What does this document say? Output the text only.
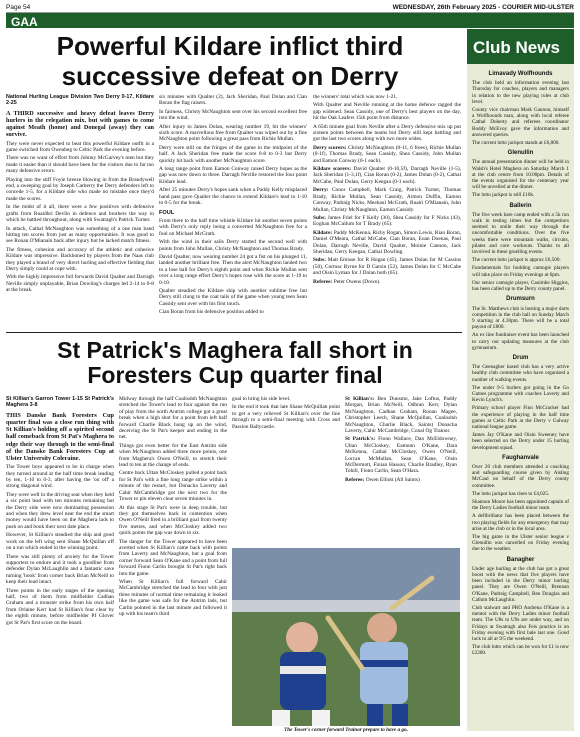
Page 54	WEDNESDAY, 26th February 2025 - COURIER MID-ULSTER
GAA
Powerful Kildare inflict third successive defeat on Derry

National Hurling League Division Two Derry 0-17, Kildare 2-25

A THIRD successive and heavy defeat leaves Derry hurlers in the relegation mix, but with games to come against Meath (home) and Donegal (away) they can survive.

They were never expected to beat this powerful Kildare outfit in a game switched from Owenbeg to Celtic Park the evening before.

There was no want of effort from Johnny McGarvey's men but they made it easier than it should have been for the visitors due to far too many defensive errors.

Playing into the stiff Foyle breeze blowing in from the Brandywell end, a sweeping goal by Joseph Carberry the Derry defenders left to concede 1-5, for a Kildare side who made no mistake once they'd made the scores.

In the midst of it all, there were a few positives with defensive grafts from Ruaidhri Devlin in defence and brothers the way in which he battled throughout, along with Swatragh's Patrick Turner.

In attack, Cathal McNaughton was something of a one man band hitting ten scores from just as many opportunities. It was good to see Ronan O'Mianain back after injury but he lacked match fitness.

The fitness, cohesion and accuracy of the athletic and cohesive Kildare was impressive. Backboned by players from the Naas club they played a brand of very direct hurling and effective fielding that Derry simply could at cope with.

With the highly impressive full forwards David Qualter and Darragh Neville simply unplayable, Brian Dowling's charges led 2-14 to 0-8 at the break.

six minutes with Qualter (2), Jack Sheridan, Paul Dolan and Cian Boran the flag raisers.

In fairness, Christy McNaughton sent over his second excellent free into the wind.

After injury to James Dolan, wearing number 19, hit the winners' sixth score. A marvellous free from Qualter was wiped out by a fine McNaughton point following a great pass from Richie Mullan.

Derry were still on the fringes of the game in the midpoint of the half. A Jack Sheridan free made the score 0-8 to 0-3 but Derry quickly hit back with another McNaughton score.

A long range point from Eamon Conway raised Derry hopes as the gap was now down to three. Darragh Neville restored the four point Kildare lead.

After 25 minutes Derry's hopes sank when a Paddy Kelly misplaced hand pass gave Qualter the chance to extend Kildare's lead to 1-10 to 0-5 for the break.

FOUL

From there to the half time whistle Kildare hit another seven points with Derry's only reply being a converted McNaughton free for a foul on Michael McGrath.

With the wind in their sails Derry started the second well with points from John Mullan, Christy McNaughton and Thomas Brady.

David Qualter, now wearing number 24 got a fist on his plunged 11, landed another brilliant free. Then the alert McNaughton landed two to a lose ball for Derry's eighth point and when Richie Mullan sent over a long range effort Derry's hopes rose with the score at 1-19 to 0-10.

Qualter steadied the Kildare ship with another sublime free but Derry still clung to the coat tails of the game when young teen Sean Cassidy sent over with his first touch.

Cian Boran from his defensive position added to

the winners' total which was now 1-21.

With Qualter and Neville running at the home defence ragged the gap widened. Sean Cassidy, one of Derry's best players on the day, hit the Oak Leafers 15th point from distance.

A 65th minute goal from Neville after a Derry defensive mix up put sixteen points between the teams but Derry still kept battling and got the last two scores along with two more wides.

Derry scorers: Christy McNaughton (0-11, 6 frees), Richie Mullan (0-1f), Thomas Brady, Sean Cassidy, Shea Cassidy, John Mullan and Eamon Conway (0-1 each).

Kildare scorers: David Qualter (0-10,5f), Darragh Neville (1-5), Jack Sheridan (1-3,1f), Cian Boran (0-2), James Dolan (0-2), Cathal McCabe, Paul Dolan, Gerry Keegan (0-1 each).

Derry: Conor Campbell, Mark Craig, Patrick Turner, Thomas Brady, Richie Mullan, Sean Cassidy, Aimon Duffin, Eamon Conway, Padraig Nicks, Meehaul McGrath, Ruairi O'Mianain, John Mullan, Christy McNaughton, Eamon Cassidy.

Subs: James Friel for F Kelly (30), Shea Cassidy for F Nicks (43), Eoghan McCullum for T Brady (65).

Kildare: Paddy McKenna, Richy Rogan, Simon Lewis, Rian Boran, Daniel O'Meara, Cathal McCabe, Cian Boran, Eoan Doenas, Paul Dolan, Darragh Neville, David Qualter, Moinie Cannon, Jack Sheridan, Gerry Keegan, Cathal Dowling.

Subs: Matt Emisse for R Hogan (45), James Dolan for M Cassius (50), Cormac Byrne for D Garsin (52), James Dolan for C McCabe and Oisin Lyman for J Dolan both (65).

Referee: Peter Owens (Down).

St Patrick's Maghera fall short in Foresters Cup quarter final

St Killian's Garron Tower 1-15 St Patrick's Maghera 3-8

THIS Danske Bank Foresters Cup quarter final was a close run thing with St Killian's holding off a spirited second half comeback from St Pat's Maghera to edge their way through to the semi-final of the Danske Bank Foresters Cup at Ulster University Coleraine.

The Tower boys appeared to be in charge when they turned around at the half time break leading by ten, 1-10 to 0-3, after having the 'on off' a strong diagonal wind.

They were well in the driving seat when they held a six point lead with ten minutes remaining but the Derry side were now dominating possession and when they drew level near the end the smart money would have been on the Maghera lads to push on and book their next date place.

However, St Killian's steadied the ship and good work on the left wing sent Shane McQuillan off on a run which ended in the winning point.

There was still plenty of anxiety for the Tower supporters to endure and it took a goodline from defender Dylan McLaughlin and a fantastic save turning 'hook' from corner back Brian McNeill to keep their lead intact.

Three points in the early stages of the opening half, two of them from midfielder Cadhan Graham and a monster strike from his own half from Orlaine Kerr had St Killian's four clear by the eighth minute, before midfielder PJ Glover got St Pat's first score on the board.

Midway through the half Coalisdoh McNaughton stretched the Tower's lead to four against the run of play from the north Antrim college got a great break when a high shot for a point from left half forward Charlie Black hung up on the wind, deceiving the St Pat's keeper and ending in the net.

Things got even better for the East Antrim side when McNaughton added three more points, one from Maghera's Owen O'Neill, to stretch their lead to ten at the change of ends.

Centre back Ultan McCloskey pulled a point back for St Pat's with a fine long range strike within a minute of the restart, but Donacha Laverty and Cahir McCambridge got the next two for the Tower to pin eleven clear seven minutes in.

At this stage St Pat's were in deep trouble, but they got themselves back in contention when Owen O'Neill fired in a brilliant goal from twenty five metres, and when McCloskey added two quick points the gap was down to six.

The danger for the Tower appeared to have been averted when St Killian's came back with points from Laverty and McNaughton, but a goal from corner forward Sean O'Kane and a point from full forward Fionn Carlin brought St Pat's right back into the game.

When St Killian's full forward Cahir McCambridge stretched the lead to four with just three minutes of normal time remaining it looked like the game was safe for the Antrim lads, but Carlin pointed in the last minute and followed it up with his team's third

goal to bring his side level.

In the end it took that late Shane McQuillan point to get a very relieved St Killian's over the line through to a semi-final meeting with Cross and Passion Ballycastle.

St Killian's: Ben Dunsmo, Jake Loftus, Paddy Morgan, Brian McNeill, Odhran Kerr, Dylan McNaughton, Cadhan Graham, Ronan Magee, Christopher Leech, Shane McQuillan, Coalisdoh McNaughton, Charlie Black, Saints) Donacha Laverty, Cahir McCambridge, Conal Og Trainor.

St Patrick's: Fionn Wallace, Dan McEldowney, Ultan McCloskey, Eamonn O'Kane, Dara McKenna, Cathal McCloskey, Owen O'Neill, Lorcan McMullan, Sean O'Kane, Oisin McDermott, Finian Hasson, Charlie Bradley, Ryan Tohill, Fionn Carlin, Sean O'Hara.

Referee: Owen Elliott (All Saints)

The Tower's corner forward Trainor prepare to have a go.

Club News

Limavady Wolfhounds

The club held an information evening last Thursday for coaches, players and managers in relation to the new playing rules at club level.

County vice chairman Mark Gannon, himself a Wolfhounds man, along with local referee Cathal Doherty and referees coordinator Roddy McEvoy gave the information and answered queries.

The current lotto jackpot stands at £6,800.

Glenullin

The annual presentation dinner will be held in Walsh's Hotel Maghera on Saturday March 1 at the club centre from 10.00pm. Details of the events organised for the centenary year will be unveiled at the dinner.

The lotto jackpot is still £10k.

Ballerin

The five week bare camp ended with a 5k run walk in testing times but the competitors seemed to smile their way through the uncomfortable conditions. Over the five weeks there were mountain walks, circuits, pilates and core workouts. Thanks to all involved in these gruelling events.

The current lotto jackpot is approx £6,500.

Fundamentals for budding camogie players will take place on Friday evenings at 6pm.

Our senior camogie player, Caoimhe Higgins, has been called up to the Derry county panel.

Drumsurn

The St. Matthews club is hosting a major darts competition in the club hall on Sunday March 9 starting at 4.30pm. There will be a total payout of £800.

An ex line fundraiser event has been launched to carry out updating measures at the club gymnasium.

Drum

The Geenagher based club has a very active healthy club committee who have organised a number of walking events.

The under 9-5 hurlers got going in the Go Games programme with coaches Laverty and Kevin Lynch's.

Primary school player Finn McCracker had the experience of playing in the half time games at Celtic Park at the Derry v Galway national league game.

James Jay O'Kane and Oisin Sweeney have been selected on the Derry under 15 hurling development squad.

Faughanvale

Over 20 club members attended a coaching and safeguarding course given by Aisling McCaul on behalf of the Derry county committee.

The lotto jackpot has risen to £4,025.

Shannon Moore has been appointed captain of the Derry Ladies football minor team.

A defibrillator has been placed between the two playing fields for any emergency that may arise at the club or in the local area.

The big game in the Ulster senior league v Glenullin was cancelled on Friday evening due to the weather.

Banagher

Under age hurling at the club has got a great boost with the news that five players have been included in the Derry minor hurling panel. They are Owen O'Neill, Brennan O'Kane, Padraig Campbell, Ben Douglas and Callum McLaughlin.

Club stalwart and PRO Andrena O'Kane is a mentor with the Derry Ladies minor football team. The U8s to U9s are under way, and on Fridays at Swatragh also Feis practice is on Friday evening with first bale last one. Good luck to all at 9/5 the weekend.

The club lotto which can be won for £1 is now £2200.
